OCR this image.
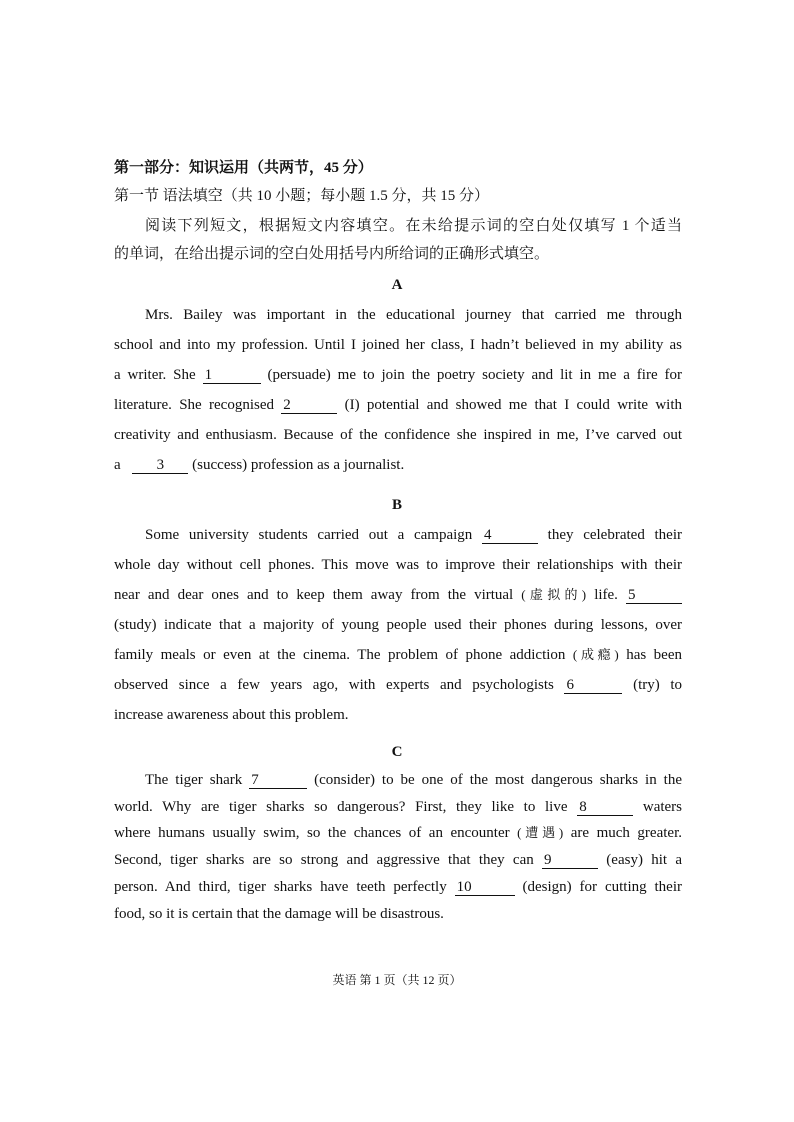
第一部分：知识运用（共两节，45 分）

第一节 语法填空（共 10 小题；每小题 1.5 分，共 15 分）

阅读下列短文，根据短文内容填空。在未给提示词的空白处仅填写 1 个适当

的单词，在给出提示词的空白处用括号内所给词的正确形式填空。

A

Mrs. Bailey was important in the educational journey that carried me through

school and into my profession. Until I joined her class, I hadn’t believed in my ability as

a writer. She 1	(persuade) me to join the poetry society and lit in me a fire for

literature. She recognised 2	(I) potential and showed me that I could write with

creativity and enthusiasm. Because of the confidence she inspired in me, I’ve carved out

a 3 (success) profession as a journalist.

B

Some university students carried out a campaign 4	they celebrated their

whole day without cell phones. This move was to improve their relationships with their

near and dear ones and to keep them away from the virtual (虚拟的) life. 5

(study) indicate that a majority of young people used their phones during lessons, over

family meals or even at the cinema. The problem of phone addiction (成瘾) has been

observed since a few years ago, with experts and psychologists 6	(try) to

increase awareness about this problem.

C

The tiger shark 7	(consider) to be one of the most dangerous sharks in the

world. Why are tiger sharks so dangerous? First, they like to live 8	waters

where humans usually swim, so the chances of an encounter (遭遇) are much greater.

Second, tiger sharks are so strong and aggressive that they can 9	(easy) hit a

person. And third, tiger sharks have teeth perfectly 10	(design) for cutting their

food, so it is certain that the damage will be disastrous.

英语 第 1 页（共 12 页）
